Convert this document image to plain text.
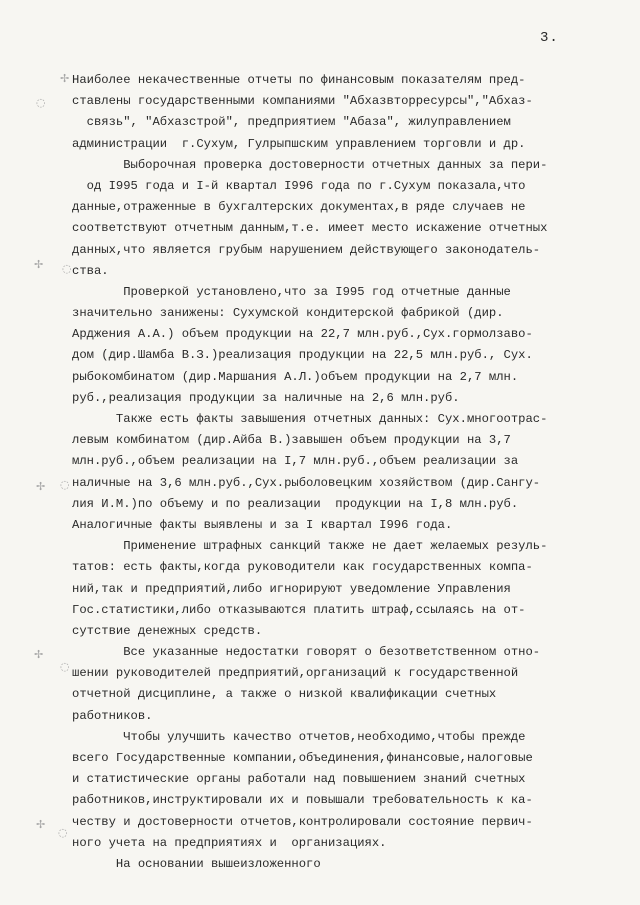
3.
✢
◌
✢ ◌
✢ ◌
✢
◌
✢
◌
Наиболее некачественные отчеты по финансовым показателям пред-
ставлены государственными компаниями "Абхазвторресурсы","Абхаз-
связь", "Абхазстрой", предприятием "Абаза", жилуправлением
администрации  г.Сухум, Гулрыпшским управлением торговли и др.
Выборочная проверка достоверности отчетных данных за пери-
од I995 года и I-й квартал I996 года по г.Сухум показала,что
данные,отраженные в бухгалтерских документах,в ряде случаев не
соответствуют отчетным данным,т.е. имеет место искажение отчетных
данных,что является грубым нарушением действующего законодатель-
ства.
Проверкой установлено,что за I995 год отчетные данные
значительно занижены: Сухумской кондитерской фабрикой (дир.
Арджения А.А.) объем продукции на 22,7 млн.руб.,Сух.гормолзаво-
дом (дир.Шамба В.З.)реализация продукции на 22,5 млн.руб., Сух.
рыбокомбинатом (дир.Маршания А.Л.)объем продукции на 2,7 млн.
руб.,реализация продукции за наличные на 2,6 млн.руб.
Также есть факты завышения отчетных данных: Сух.многоотрас-
левым комбинатом (дир.Айба В.)завышен объем продукции на 3,7
млн.руб.,объем реализации на I,7 млн.руб.,объем реализации за
наличные на 3,6 млн.руб.,Сух.рыболовецким хозяйством (дир.Сангу-
лия И.М.)по объему и по реализации  продукции на I,8 млн.руб.
Аналогичные факты выявлены и за I квартал I996 года.
Применение штрафных санкций также не дает желаемых резуль-
татов: есть факты,когда руководители как государственных компа-
ний,так и предприятий,либо игнорируют уведомление Управления
Гос.статистики,либо отказываются платить штраф,ссылаясь на от-
сутствие денежных средств.
Все указанные недостатки говорят о безответственном отно-
шении руководителей предприятий,организаций к государственной
отчетной дисциплине, а также о низкой квалификации счетных
работников.
Чтобы улучшить качество отчетов,необходимо,чтобы прежде
всего Государственные компании,объединения,финансовые,налоговые
и статистические органы работали над повышением знаний счетных
работников,инструктировали их и повышали требовательность к ка-
честву и достоверности отчетов,контролировали состояние первич-
ного учета на предприятиях и  организациях.
На основании вышеизложенного
